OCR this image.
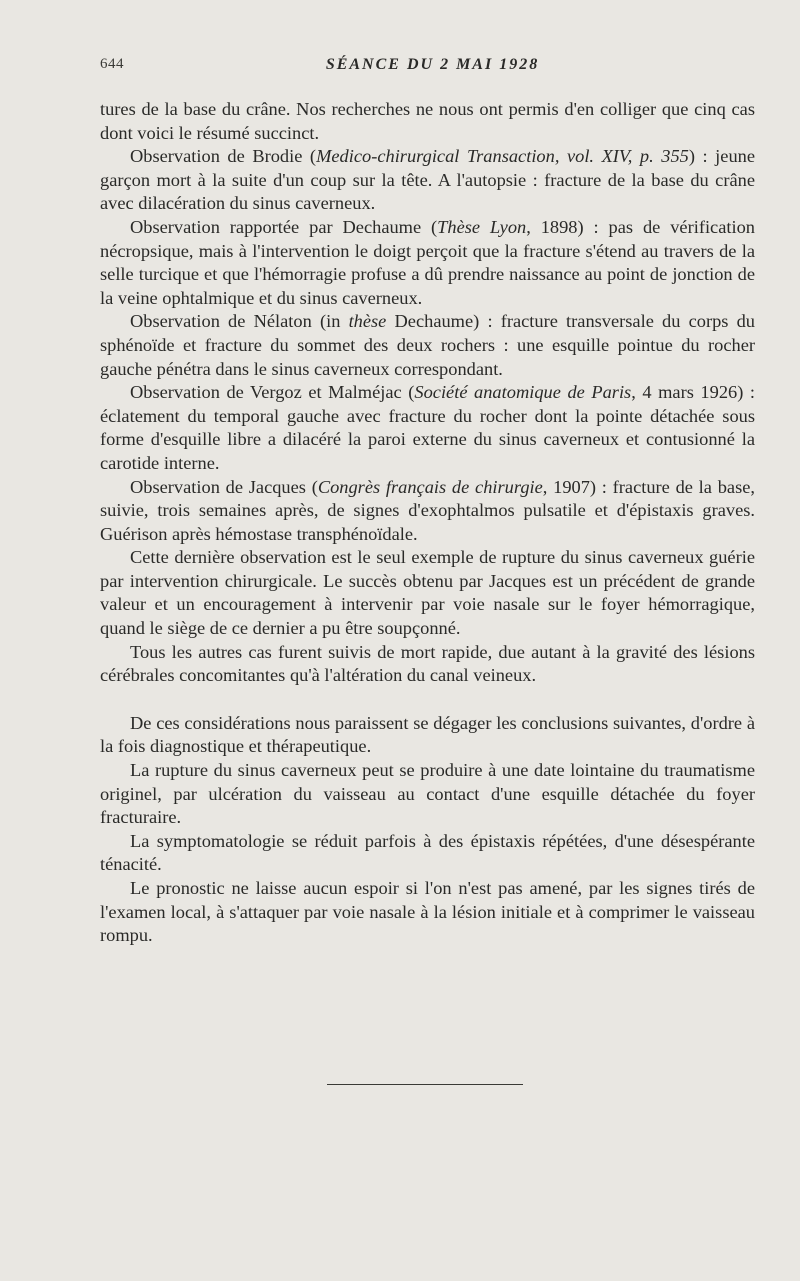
644	SÉANCE DU 2 MAI 1928

tures de la base du crâne. Nos recherches ne nous ont permis d'en colliger que cinq cas dont voici le résumé succinct.

Observation de Brodie (Medico-chirurgical Transaction, vol. XIV, p. 355) : jeune garçon mort à la suite d'un coup sur la tête. A l'autopsie : fracture de la base du crâne avec dilacération du sinus caverneux.

Observation rapportée par Dechaume (Thèse Lyon, 1898) : pas de vérification nécropsique, mais à l'intervention le doigt perçoit que la fracture s'étend au travers de la selle turcique et que l'hémorragie profuse a dû prendre naissance au point de jonction de la veine ophtalmique et du sinus caverneux.

Observation de Nélaton (in thèse Dechaume) : fracture transversale du corps du sphénoïde et fracture du sommet des deux rochers : une esquille pointue du rocher gauche pénétra dans le sinus caverneux correspondant.

Observation de Vergoz et Malméjac (Société anatomique de Paris, 4 mars 1926) : éclatement du temporal gauche avec fracture du rocher dont la pointe détachée sous forme d'esquille libre a dilacéré la paroi externe du sinus caverneux et contusionné la carotide interne.

Observation de Jacques (Congrès français de chirurgie, 1907) : fracture de la base, suivie, trois semaines après, de signes d'exophtalmos pulsatile et d'épistaxis graves. Guérison après hémostase transphénoïdale.

Cette dernière observation est le seul exemple de rupture du sinus caverneux guérie par intervention chirurgicale. Le succès obtenu par Jacques est un précédent de grande valeur et un encouragement à intervenir par voie nasale sur le foyer hémorragique, quand le siège de ce dernier a pu être soupçonné.

Tous les autres cas furent suivis de mort rapide, due autant à la gravité des lésions cérébrales concomitantes qu'à l'altération du canal veineux.

De ces considérations nous paraissent se dégager les conclusions suivantes, d'ordre à la fois diagnostique et thérapeutique.

La rupture du sinus caverneux peut se produire à une date lointaine du traumatisme originel, par ulcération du vaisseau au contact d'une esquille détachée du foyer fracturaire.

La symptomatologie se réduit parfois à des épistaxis répétées, d'une désespérante ténacité.

Le pronostic ne laisse aucun espoir si l'on n'est pas amené, par les signes tirés de l'examen local, à s'attaquer par voie nasale à la lésion initiale et à comprimer le vaisseau rompu.
